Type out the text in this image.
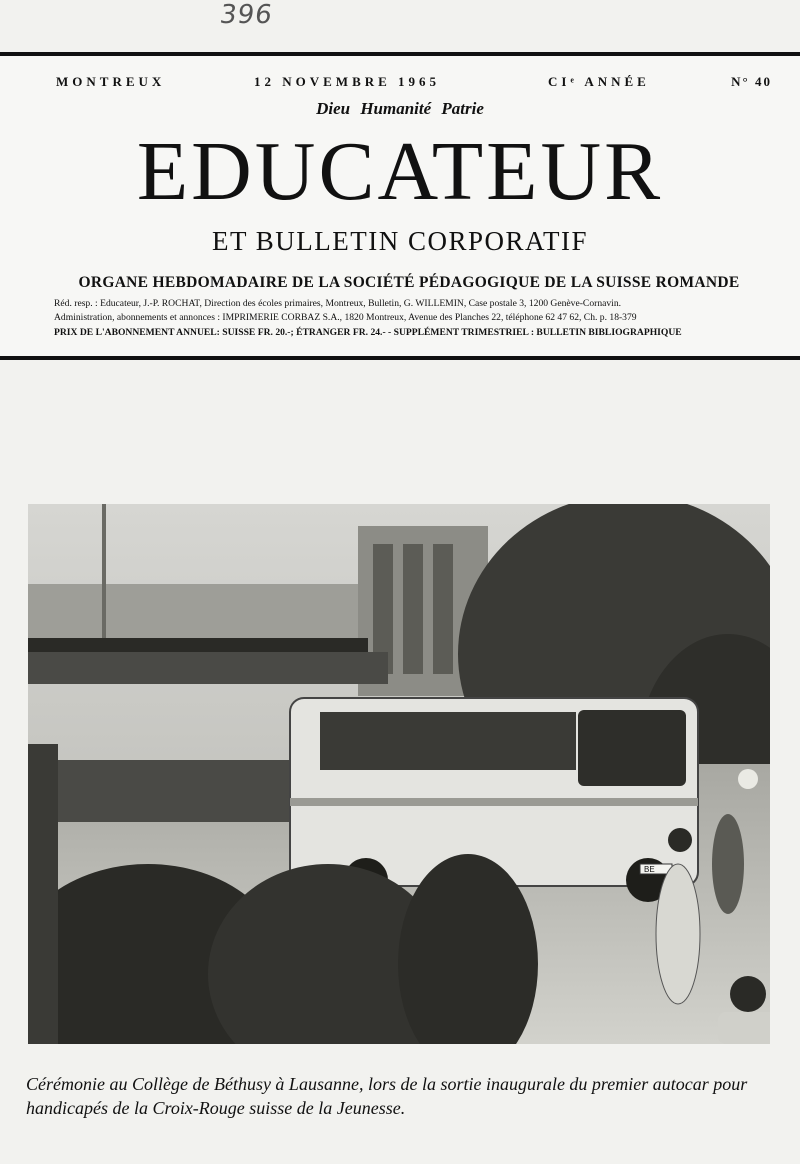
396
MONTREUX	12 NOVEMBRE 1965	CIᵉ ANNÉE	N° 40
Dieu Humanité Patrie
EDUCATEUR
ET BULLETIN CORPORATIF
ORGANE HEBDOMADAIRE DE LA SOCIÉTÉ PÉDAGOGIQUE DE LA SUISSE ROMANDE
Réd. resp. : Educateur, J.-P. ROCHAT, Direction des écoles primaires, Montreux, Bulletin, G. WILLEMIN, Case postale 3, 1200 Genève-Cornavin.
Administration, abonnements et annonces : IMPRIMERIE CORBAZ S.A., 1820 Montreux, Avenue des Planches 22, téléphone 62 47 62, Ch. p. 18-379
PRIX DE L'ABONNEMENT ANNUEL: SUISSE FR. 20.-; ÉTRANGER FR. 24.- - SUPPLÉMENT TRIMESTRIEL : BULLETIN BIBLIOGRAPHIQUE
BE
Cérémonie au Collège de Béthusy à Lausanne, lors de la sortie inaugurale du premier autocar pour handicapés de la Croix-Rouge suisse de la Jeunesse.
